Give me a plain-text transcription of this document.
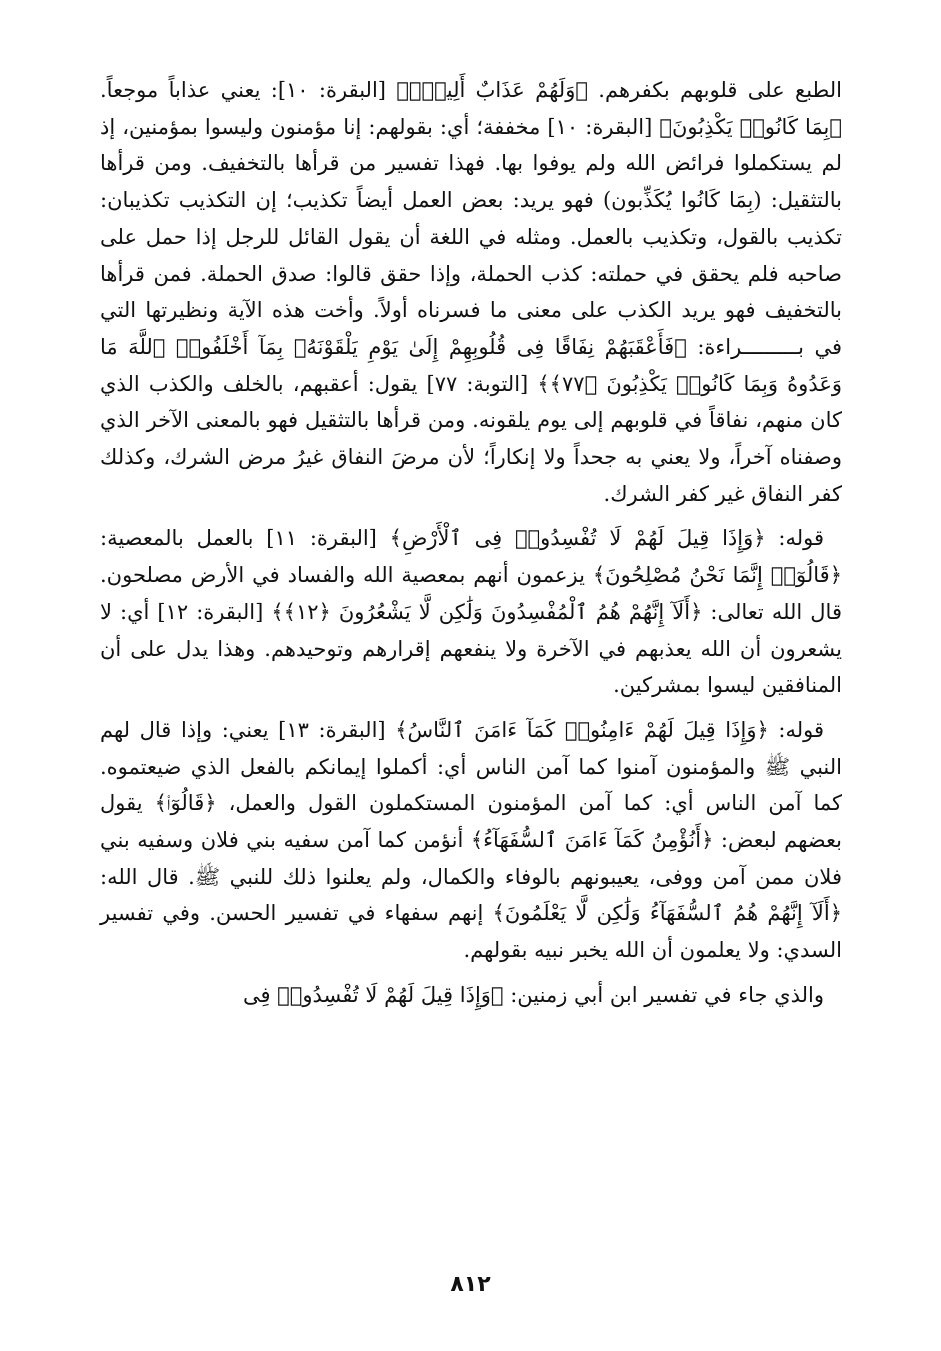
الطبع على قلوبهم بكفرهم. ﴿وَلَهُمْ عَذَابٌ أَلِيمُۢ﴾ [البقرة: ١٠]: يعني عذاباً موجعاً. ﴿بِمَا كَانُوا۟ يَكْذِبُونَ﴾ [البقرة: ١٠] مخففة؛ أي: بقولهم: إنا مؤمنون وليسوا بمؤمنين، إذ لم يستكملوا فرائض الله ولم يوفوا بها. فهذا تفسير من قرأها بالتخفيف. ومن قرأها بالتثقيل: (بِمَا كَانُوا يُكَذِّبون) فهو يريد: بعض العمل أيضاً تكذيب؛ إن التكذيب تكذيبان: تكذيب بالقول، وتكذيب بالعمل. ومثله في اللغة أن يقول القائل للرجل إذا حمل على صاحبه فلم يحقق في حملته: كذب الحملة، وإذا حقق قالوا: صدق الحملة. فمن قرأها بالتخفيف فهو يريد الكذب على معنى ما فسرناه أولاً. وأخت هذه الآية ونظيرتها التي في بـــــــــراءة: ﴿فَأَعْقَبَهُمْ نِفَاقًا فِى قُلُوبِهِمْ إِلَىٰ يَوْمِ يَلْقَوْنَهُۥ بِمَآ أَخْلَفُوا۟ ٱللَّهَ مَا وَعَدُوهُ وَبِمَا كَانُوا۟ يَكْذِبُونَ ﴿٧٧﴾﴾ [التوبة: ٧٧] يقول: أعقبهم، بالخلف والكذب الذي كان منهم، نفاقاً في قلوبهم إلى يوم يلقونه. ومن قرأها بالتثقيل فهو بالمعنى الآخر الذي وصفناه آخراً، ولا يعني به جحداً ولا إنكاراً؛ لأن مرضَ النفاق غيرُ مرض الشرك، وكذلك كفر النفاق غير كفر الشرك.

قوله: ﴿وَإِذَا قِيلَ لَهُمْ لَا تُفْسِدُوا۟ فِى ٱلْأَرْضِ﴾ [البقرة: ١١] بالعمل بالمعصية: ﴿قَالُوٓا۟ إِنَّمَا نَحْنُ مُصْلِحُونَ﴾ يزعمون أنهم بمعصية الله والفساد في الأرض مصلحون. قال الله تعالى: ﴿أَلَآ إِنَّهُمْ هُمُ ٱلْمُفْسِدُونَ وَلَٰكِن لَّا يَشْعُرُونَ ﴿١٢﴾﴾ [البقرة: ١٢] أي: لا يشعرون أن الله يعذبهم في الآخرة ولا ينفعهم إقرارهم وتوحيدهم. وهذا يدل على أن المنافقين ليسوا بمشركين.

قوله: ﴿وَإِذَا قِيلَ لَهُمْ ءَامِنُوا۟ كَمَآ ءَامَنَ ٱلنَّاسُ﴾ [البقرة: ١٣] يعني: وإذا قال لهم النبي ﷺ والمؤمنون آمنوا كما آمن الناس أي: أكملوا إيمانكم بالفعل الذي ضيعتموه. كما آمن الناس أي: كما آمن المؤمنون المستكملون القول والعمل، ﴿قَالُوٓا۟﴾ يقول بعضهم لبعض: ﴿أَنُؤْمِنُ كَمَآ ءَامَنَ ٱلسُّفَهَآءُ﴾ أنؤمن كما آمن سفيه بني فلان وسفيه بني فلان ممن آمن ووفى، يعيبونهم بالوفاء والكمال، ولم يعلنوا ذلك للنبي ﷺ. قال الله: ﴿أَلَآ إِنَّهُمْ هُمُ ٱلسُّفَهَآءُ وَلَٰكِن لَّا يَعْلَمُونَ﴾ إنهم سفهاء في تفسير الحسن. وفي تفسير السدي: ولا يعلمون أن الله يخبر نبيه بقولهم.

والذي جاء في تفسير ابن أبي زمنين: ﴿وَإِذَا قِيلَ لَهُمْ لَا تُفْسِدُوا۟ فِى

٨١٢
